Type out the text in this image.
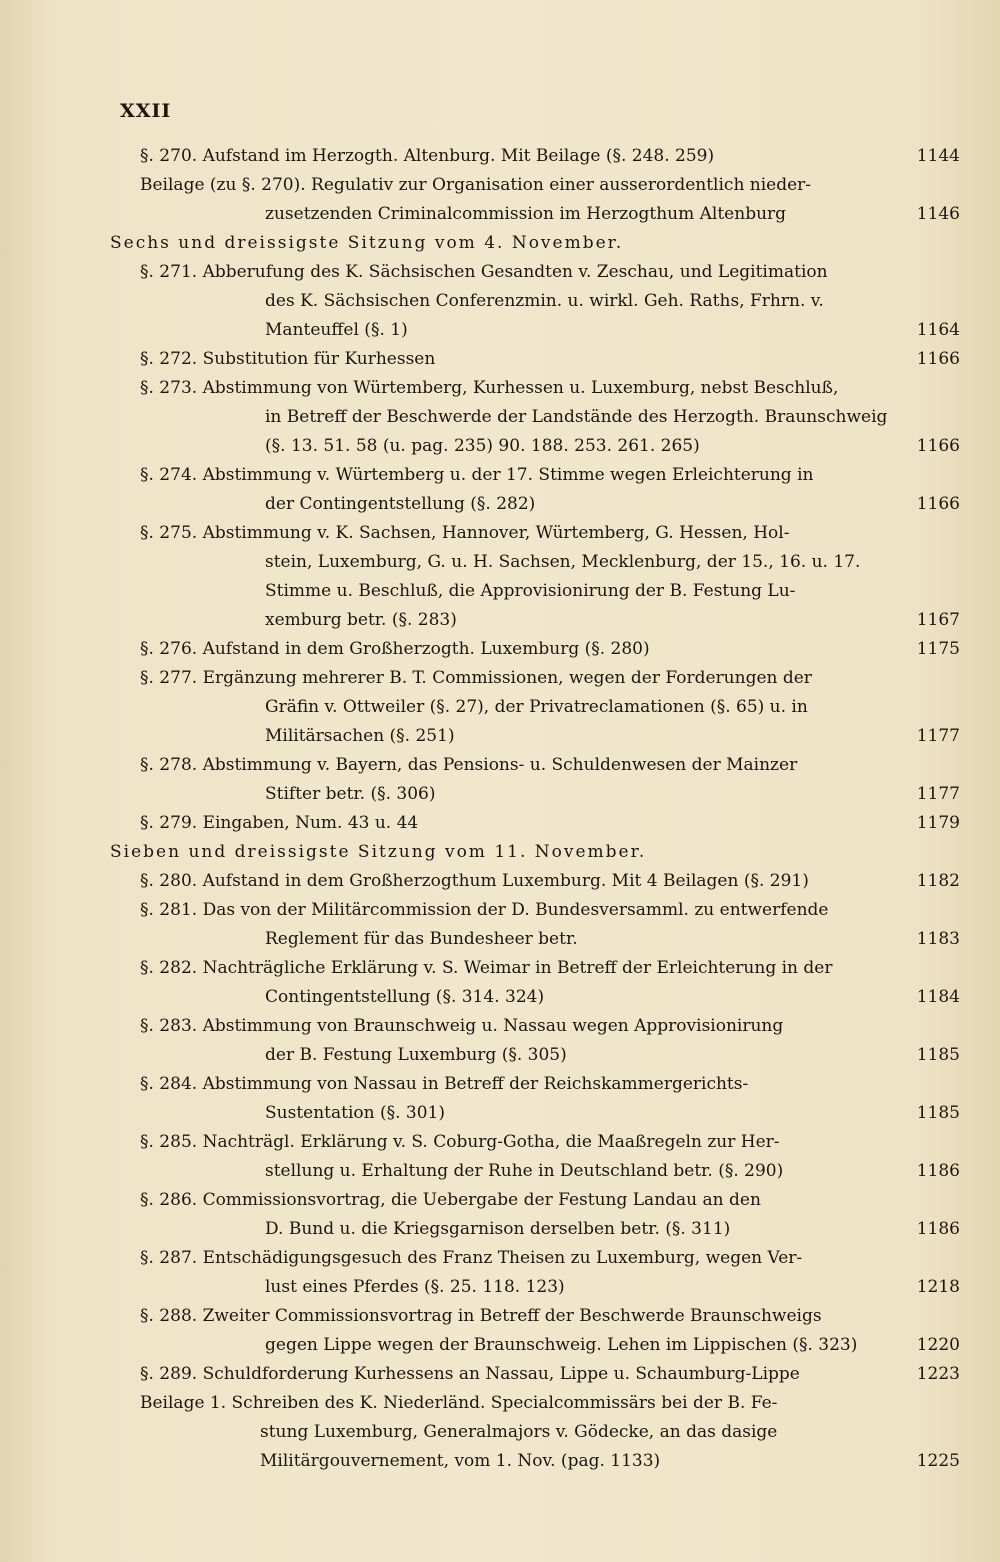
XXII
§. 270. Aufstand im Herzogth. Altenburg. Mit Beilage (§. 248. 259)	1144
Beilage (zu §. 270). Regulativ zur Organisation einer ausserordentlich nieder-
zusetzenden Criminalcommission im Herzogthum Altenburg	1146
Sechs und dreissigste Sitzung vom 4. November.
§. 271. Abberufung des K. Sächsischen Gesandten v. Zeschau, und Legitimation
des K. Sächsischen Conferenzmin. u. wirkl. Geh. Raths, Frhrn. v.
Manteuffel (§. 1)	1164
§. 272. Substitution für Kurhessen	1166
§. 273. Abstimmung von Würtemberg, Kurhessen u. Luxemburg, nebst Beschluß,
in Betreff der Beschwerde der Landstände des Herzogth. Braunschweig
(§. 13. 51. 58 (u. pag. 235) 90. 188. 253. 261. 265)	1166
§. 274. Abstimmung v. Würtemberg u. der 17. Stimme wegen Erleichterung in
der Contingentstellung (§. 282)	1166
§. 275. Abstimmung v. K. Sachsen, Hannover, Würtemberg, G. Hessen, Hol-
stein, Luxemburg, G. u. H. Sachsen, Mecklenburg, der 15., 16. u. 17.
Stimme u. Beschluß, die Approvisionirung der B. Festung Lu-
xemburg betr. (§. 283)	1167
§. 276. Aufstand in dem Großherzogth. Luxemburg (§. 280)	1175
§. 277. Ergänzung mehrerer B. T. Commissionen, wegen der Forderungen der
Gräfin v. Ottweiler (§. 27), der Privatreclamationen (§. 65) u. in
Militärsachen (§. 251)	1177
§. 278. Abstimmung v. Bayern, das Pensions- u. Schuldenwesen der Mainzer
Stifter betr. (§. 306)	1177
§. 279. Eingaben, Num. 43 u. 44	1179
Sieben und dreissigste Sitzung vom 11. November.
§. 280. Aufstand in dem Großherzogthum Luxemburg. Mit 4 Beilagen (§. 291)	1182
§. 281. Das von der Militärcommission der D. Bundesversamml. zu entwerfende
Reglement für das Bundesheer betr.	1183
§. 282. Nachträgliche Erklärung v. S. Weimar in Betreff der Erleichterung in der
Contingentstellung (§. 314. 324)	1184
§. 283. Abstimmung von Braunschweig u. Nassau wegen Approvisionirung
der B. Festung Luxemburg (§. 305)	1185
§. 284. Abstimmung von Nassau in Betreff der Reichskammergerichts-
Sustentation (§. 301)	1185
§. 285. Nachträgl. Erklärung v. S. Coburg-Gotha, die Maaßregeln zur Her-
stellung u. Erhaltung der Ruhe in Deutschland betr. (§. 290)	1186
§. 286. Commissionsvortrag, die Uebergabe der Festung Landau an den
D. Bund u. die Kriegsgarnison derselben betr. (§. 311)	1186
§. 287. Entschädigungsgesuch des Franz Theisen zu Luxemburg, wegen Ver-
lust eines Pferdes (§. 25. 118. 123)	1218
§. 288. Zweiter Commissionsvortrag in Betreff der Beschwerde Braunschweigs
gegen Lippe wegen der Braunschweig. Lehen im Lippischen (§. 323)	1220
§. 289. Schuldforderung Kurhessens an Nassau, Lippe u. Schaumburg-Lippe	1223
Beilage 1. Schreiben des K. Niederländ. Specialcommissärs bei der B. Fe-
stung Luxemburg, Generalmajors v. Gödecke, an das dasige
Militärgouvernement, vom 1. Nov. (pag. 1133)	1225
